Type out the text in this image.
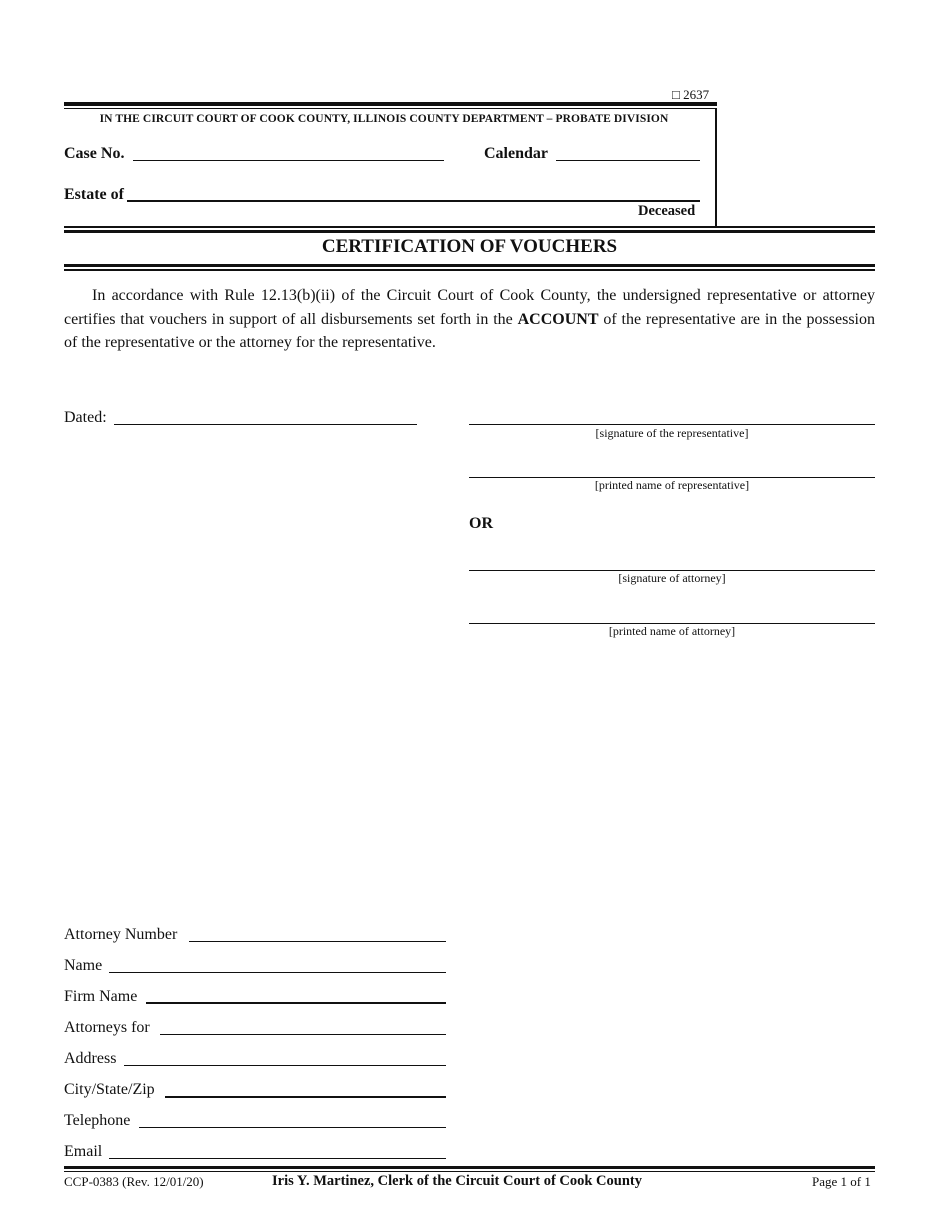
□ 2637
IN THE CIRCUIT COURT OF COOK COUNTY, ILLINOIS COUNTY DEPARTMENT – PROBATE DIVISION
Case No.	Calendar
Estate of
Deceased
CERTIFICATION OF VOUCHERS

In accordance with Rule 12.13(b)(ii) of the Circuit Court of Cook County, the undersigned representative or attorney certifies that vouchers in support of all disbursements set forth in the ACCOUNT of the representative are in the possession of the representative or the attorney for the representative.

Dated:
[signature of the representative]
[printed name of representative]
OR
[signature of attorney]
[printed name of attorney]
Attorney Number
Name
Firm Name
Attorneys for
Address
City/State/Zip
Telephone
Email
CCP-0383 (Rev. 12/01/20)	Iris Y. Martinez, Clerk of the Circuit Court of Cook County	Page 1 of 1
